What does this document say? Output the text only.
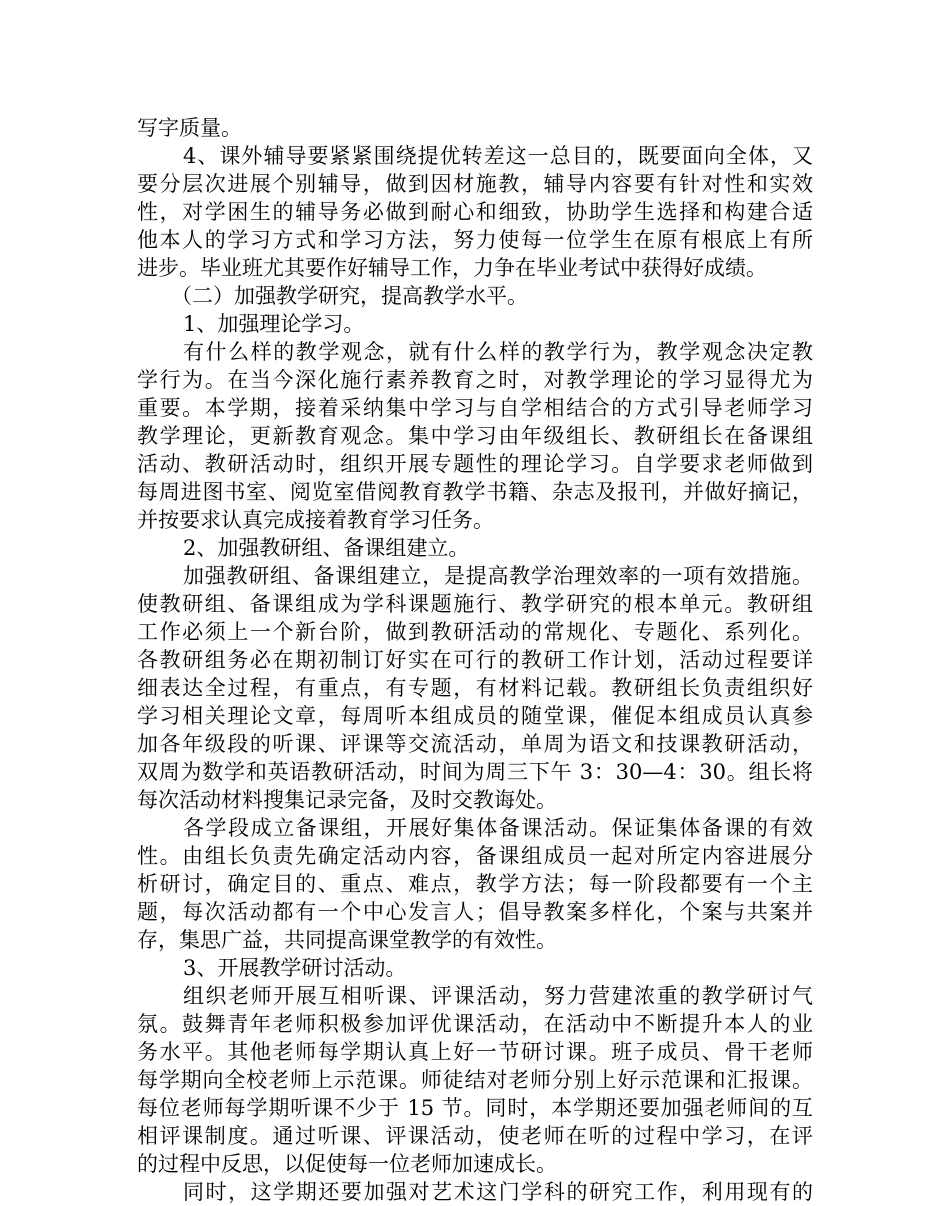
写字质量。
4、课外辅导要紧紧围绕提优转差这一总目的，既要面向全体，又
要分层次进展个别辅导，做到因材施教，辅导内容要有针对性和实效
性，对学困生的辅导务必做到耐心和细致，协助学生选择和构建合适
他本人的学习方式和学习方法，努力使每一位学生在原有根底上有所
进步。毕业班尤其要作好辅导工作，力争在毕业考试中获得好成绩。
（二）加强教学研究，提高教学水平。
1、加强理论学习。
有什么样的教学观念，就有什么样的教学行为，教学观念决定教
学行为。在当今深化施行素养教育之时，对教学理论的学习显得尤为
重要。本学期，接着采纳集中学习与自学相结合的方式引导老师学习
教学理论，更新教育观念。集中学习由年级组长、教研组长在备课组
活动、教研活动时，组织开展专题性的理论学习。自学要求老师做到
每周进图书室、阅览室借阅教育教学书籍、杂志及报刊，并做好摘记，
并按要求认真完成接着教育学习任务。
2、加强教研组、备课组建立。
加强教研组、备课组建立，是提高教学治理效率的一项有效措施。
使教研组、备课组成为学科课题施行、教学研究的根本单元。教研组
工作必须上一个新台阶，做到教研活动的常规化、专题化、系列化。
各教研组务必在期初制订好实在可行的教研工作计划，活动过程要详
细表达全过程，有重点，有专题，有材料记载。教研组长负责组织好
学习相关理论文章，每周听本组成员的随堂课，催促本组成员认真参
加各年级段的听课、评课等交流活动，单周为语文和技课教研活动，
双周为数学和英语教研活动，时间为周三下午 3：30—4：30。组长将
每次活动材料搜集记录完备，及时交教诲处。
各学段成立备课组，开展好集体备课活动。保证集体备课的有效
性。由组长负责先确定活动内容，备课组成员一起对所定内容进展分
析研讨，确定目的、重点、难点，教学方法；每一阶段都要有一个主
题，每次活动都有一个中心发言人；倡导教案多样化，个案与共案并
存，集思广益，共同提高课堂教学的有效性。
3、开展教学研讨活动。
组织老师开展互相听课、评课活动，努力营建浓重的教学研讨气
氛。鼓舞青年老师积极参加评优课活动，在活动中不断提升本人的业
务水平。其他老师每学期认真上好一节研讨课。班子成员、骨干老师
每学期向全校老师上示范课。师徒结对老师分别上好示范课和汇报课。
每位老师每学期听课不少于 15 节。同时，本学期还要加强老师间的互
相评课制度。通过听课、评课活动，使老师在听的过程中学习，在评
的过程中反思，以促使每一位老师加速成长。
同时，这学期还要加强对艺术这门学科的研究工作，利用现有的
